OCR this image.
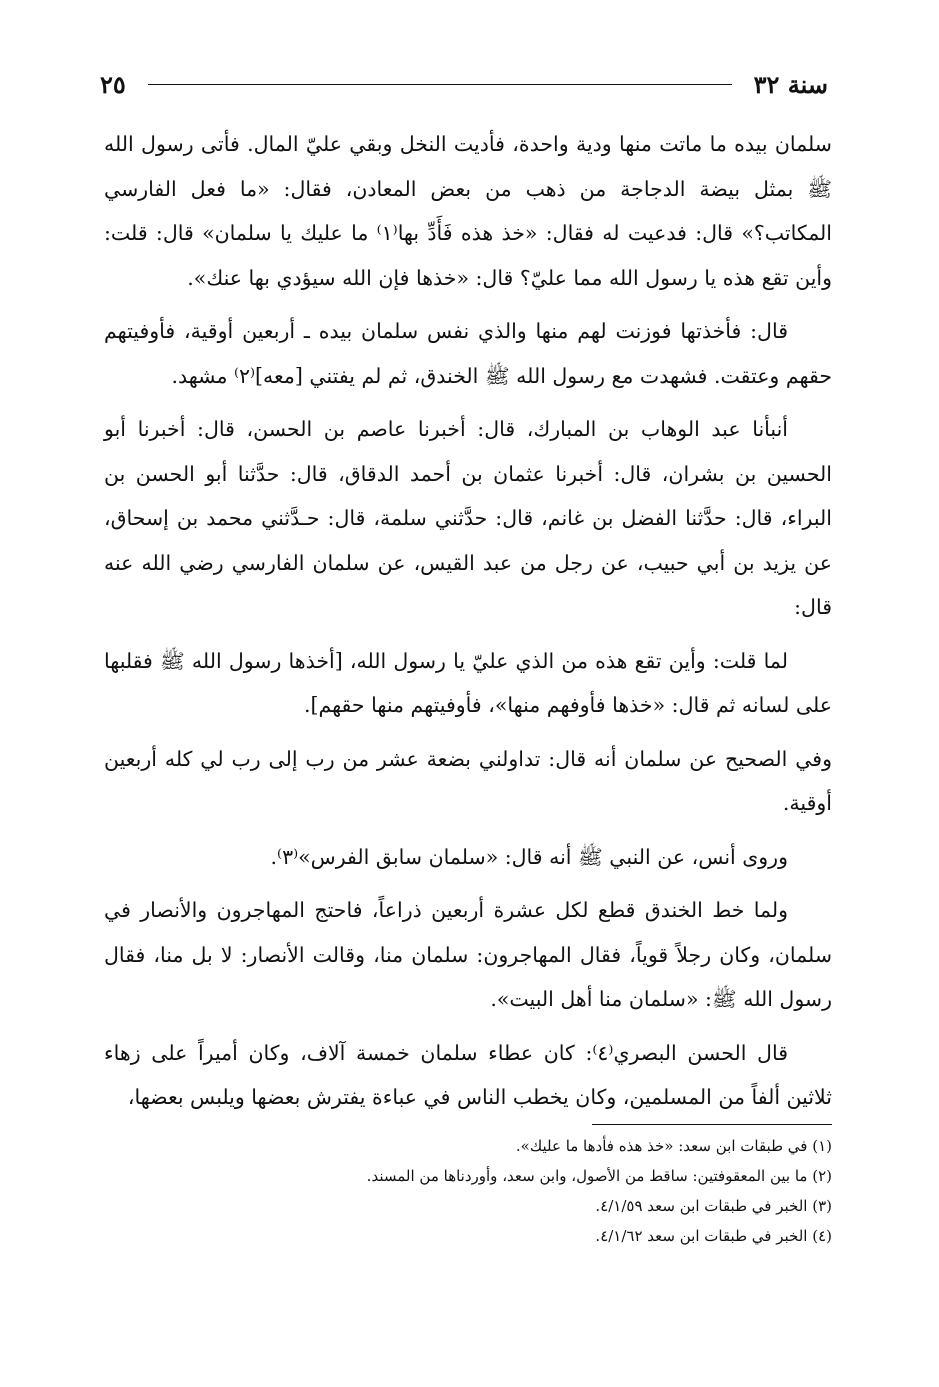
سنة ٣٢
٢٥

سلمان بيده ما ماتت منها ودية واحدة، فأديت النخل وبقي عليّ المال. فأتى رسول الله ﷺ بمثل بيضة الدجاجة من ذهب من بعض المعادن، فقال: «ما فعل الفارسي المكاتب؟» قال: فدعيت له فقال: «خذ هذه فَأَدِّ بها⁽١⁾ ما عليك يا سلمان» قال: قلت: وأين تقع هذه يا رسول الله مما عليّ؟ قال: «خذها فإن الله سيؤدي بها عنك».

قال: فأخذتها فوزنت لهم منها والذي نفس سلمان بيده ـ أربعين أوقية، فأوفيتهم حقهم وعتقت. فشهدت مع رسول الله ﷺ الخندق، ثم لم يفتني [معه]⁽٢⁾ مشهد.

أنبأنا عبد الوهاب بن المبارك، قال: أخبرنا عاصم بن الحسن، قال: أخبرنا أبو الحسين بن بشران، قال: أخبرنا عثمان بن أحمد الدقاق، قال: حدَّثنا أبو الحسن بن البراء، قال: حدَّثنا الفضل بن غانم، قال: حدَّثني سلمة، قال: حـدَّثني محمد بن إسحاق، عن يزيد بن أبي حبيب، عن رجل من عبد القيس، عن سلمان الفارسي رضي الله عنه قال:

لما قلت: وأين تقع هذه من الذي عليّ يا رسول الله، [أخذها رسول الله ﷺ فقلبها على لسانه ثم قال: «خذها فأوفهم منها»، فأوفيتهم منها حقهم].

وفي الصحيح عن سلمان أنه قال: تداولني بضعة عشر من رب إلى رب لي كله أربعين أوقية.

وروى أنس، عن النبي ﷺ أنه قال: «سلمان سابق الفرس»⁽٣⁾.

ولما خط الخندق قطع لكل عشرة أربعين ذراعاً، فاحتج المهاجرون والأنصار في سلمان، وكان رجلاً قوياً، فقال المهاجرون: سلمان منا، وقالت الأنصار: لا بل منا، فقال رسول الله ﷺ: «سلمان منا أهل البيت».

قال الحسن البصري⁽٤⁾: كان عطاء سلمان خمسة آلاف، وكان أميراً على زهاء ثلاثين ألفاً من المسلمين، وكان يخطب الناس في عباءة يفترش بعضها ويلبس بعضها،

(١) في طبقات ابن سعد: «خذ هذه فأدها ما عليك».
(٢) ما بين المعقوفتين: ساقط من الأصول، وابن سعد، وأوردناها من المسند.
(٣) الخبر في طبقات ابن سعد ٤/١/٥٩.
(٤) الخبر في طبقات ابن سعد ٤/١/٦٢.
